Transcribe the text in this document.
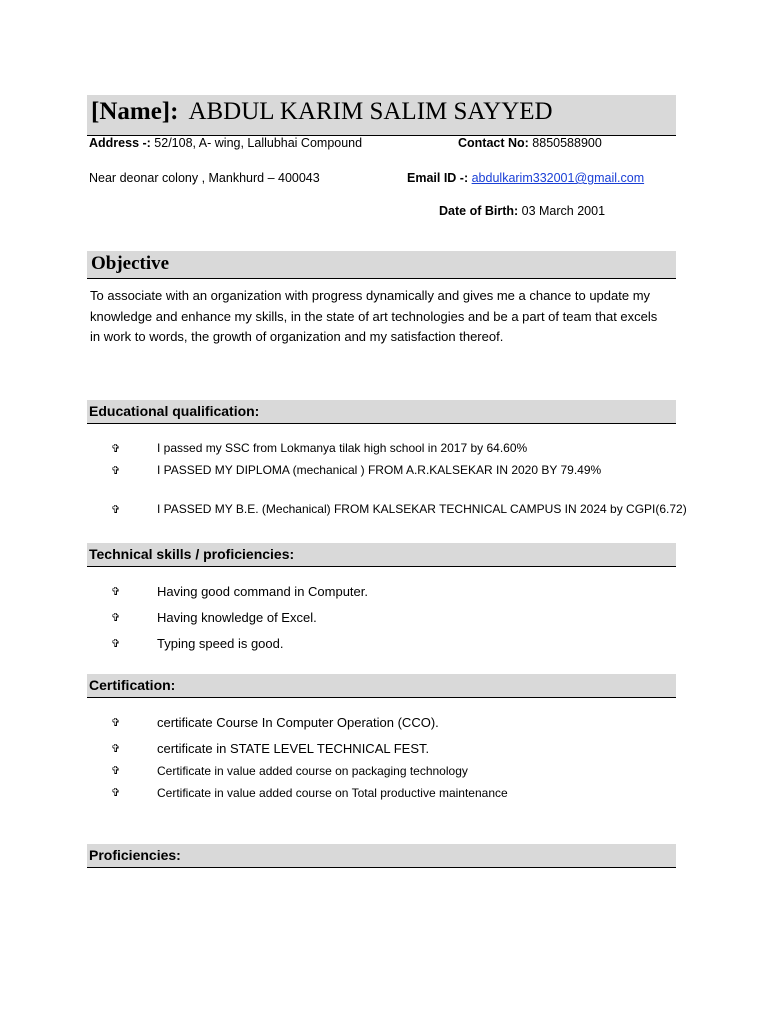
[Name]: ABDUL KARIM SALIM SAYYED
Address -: 52/108, A- wing, Lallubhai Compound
Near deonar colony , Mankhurd – 400043
Contact No: 8850588900
Email ID -: abdulkarim332001@gmail.com
Date of Birth: 03 March 2001
Objective
To associate with an organization with progress dynamically and gives me a chance to update my knowledge and enhance my skills, in the state of art technologies and be a part of team that excels in work to words, the growth of organization and my satisfaction thereof.
Educational qualification:
✞	I passed my SSC from Lokmanya tilak high school in 2017 by 64.60%
✞	I PASSED MY DIPLOMA (mechanical ) FROM A.R.KALSEKAR IN 2020 BY 79.49%
✞	I PASSED MY B.E. (Mechanical) FROM KALSEKAR TECHNICAL CAMPUS IN 2024 by CGPI(6.72)
Technical skills / proficiencies:
✞	Having good command in Computer.
✞	Having knowledge of Excel.
✞	Typing speed is good.
Certification:
✞	certificate Course In Computer Operation (CCO).
✞	certificate in STATE LEVEL TECHNICAL FEST.
✞	Certificate in value added course on packaging technology
✞	Certificate in value added course on Total productive maintenance
Proficiencies:
